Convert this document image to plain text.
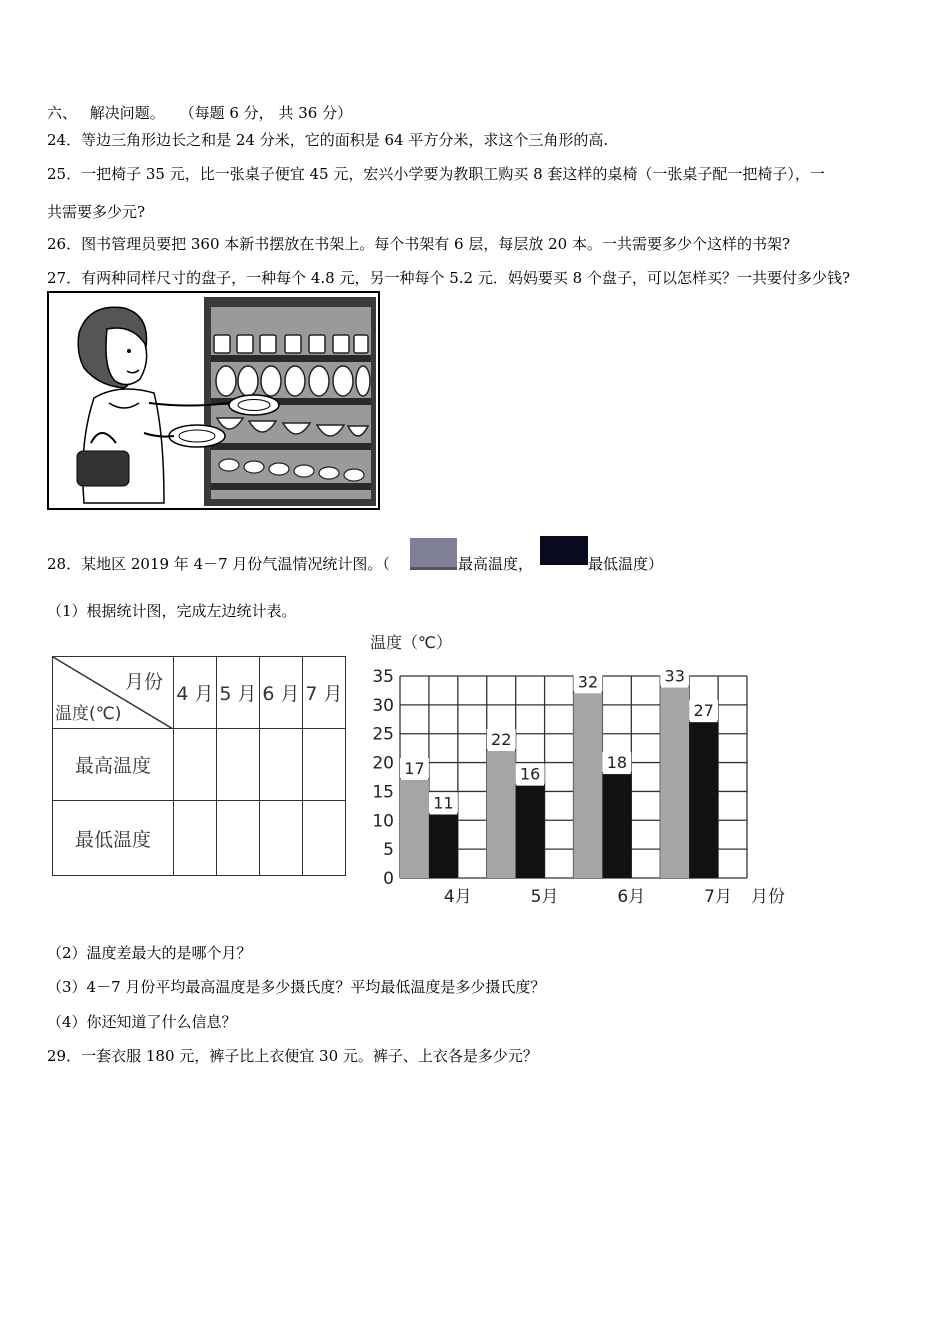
六、 解决问题。 （每题 6 分， 共 36 分）
24．等边三角形边长之和是 24 分米，它的面积是 64 平方分米，求这个三角形的高.
25．一把椅子 35 元，比一张桌子便宜 45 元，宏兴小学要为教职工购买 8 套这样的桌椅（一张桌子配一把椅子），一
共需要多少元?
26．图书管理员要把 360 本新书摆放在书架上。每个书架有 6 层，每层放 20 本。一共需要多少个这样的书架?
27．有两种同样尺寸的盘子，一种每个 4.8 元，另一种每个 5.2 元．妈妈要买 8 个盘子，可以怎样买？一共要付多少钱?
28．某地区 2019 年 4－7 月份气温情况统计图。（	最高温度，	最低温度）
（1）根据统计图，完成左边统计表。
月份
温度(℃)	4 月	5 月	6 月	7 月
最高温度				
最低温度				
0
5
10
15
20
25
30
35
温度（℃）
17
11
4月
22
16
5月
32
18
6月
33
27
7月 月份
（2）温度差最大的是哪个月？
（3）4－7 月份平均最高温度是多少摄氏度？平均最低温度是多少摄氏度？
（4）你还知道了什么信息？
29．一套衣服 180 元，裤子比上衣便宜 30 元。裤子、上衣各是多少元？
